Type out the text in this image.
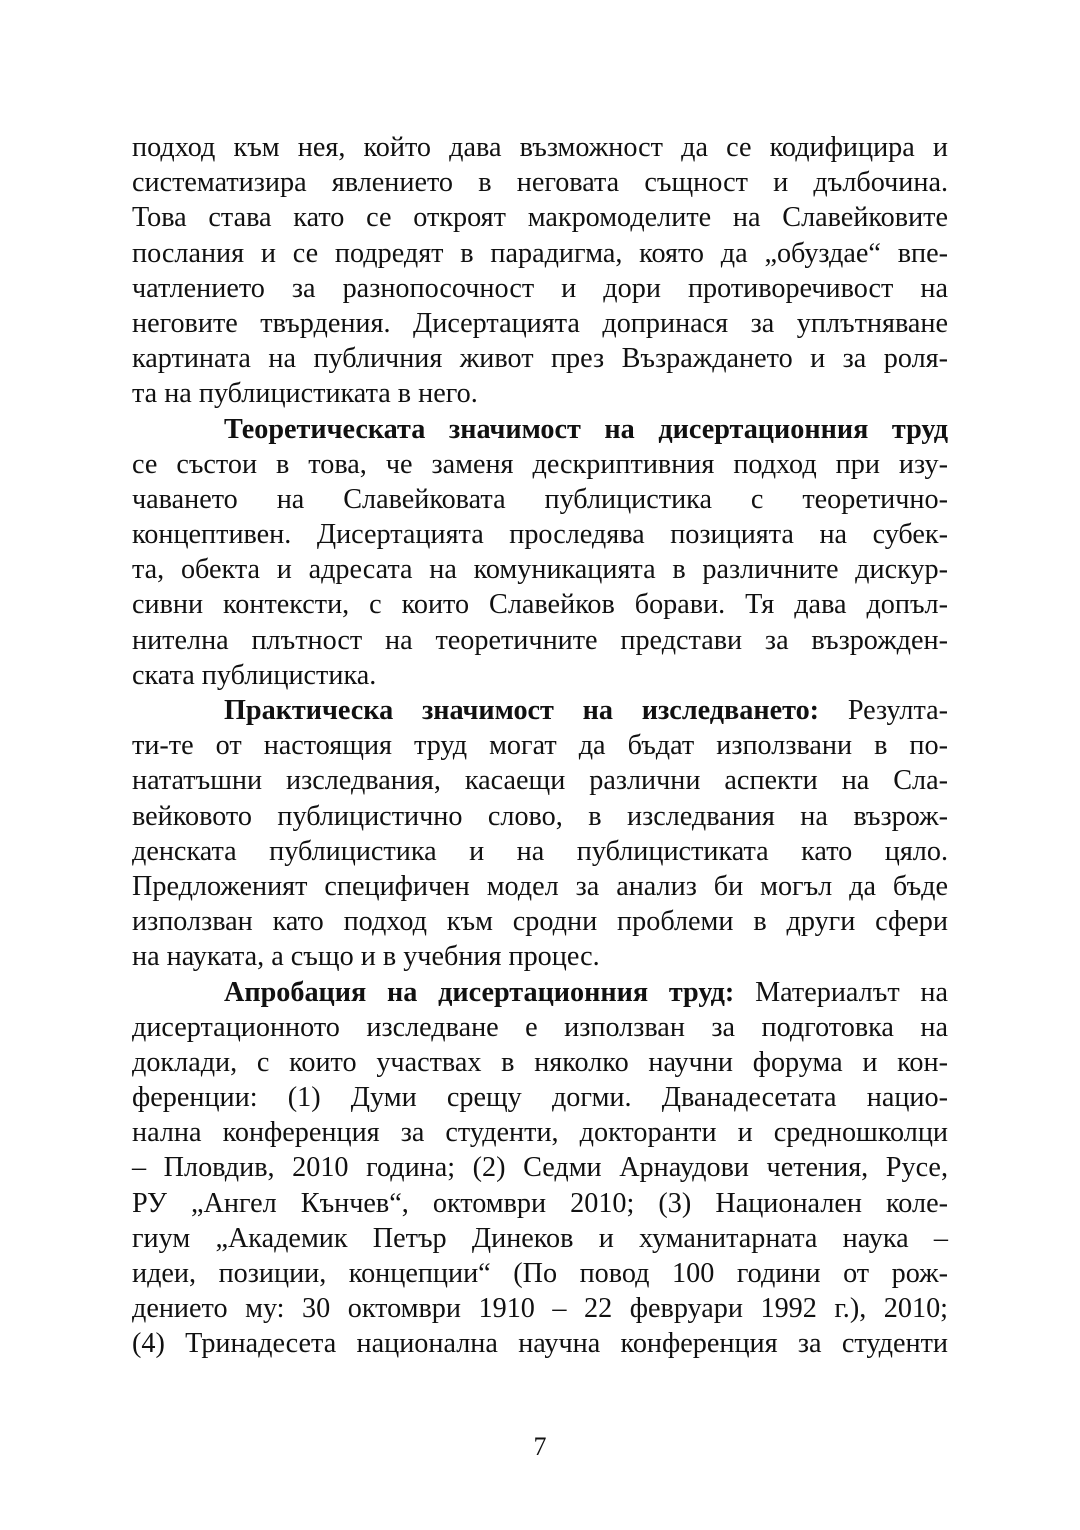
подход към нея, който дава възможност да се кодифицира и
систематизира явлението в неговата същност и дълбочина.
Това става като се откроят макромоделите на Славейковите
послания и се подредят в парадигма, която да „обуздае“ впе-
чатлението за разнопосочност и дори противоречивост на
неговите твърдения. Дисертацията допринася за уплътняване
картината на публичния живот през Възраждането и за роля-
та на публицистиката в него.
Теоретическата значимост на дисертационния труд
се състои в това, че заменя дескриптивния подход при изу-
чаването на Славейковата публицистика с теоретично-
концептивен. Дисертацията проследява позицията на субек-
та, обекта и адресата на комуникацията в различните дискур-
сивни контексти, с които Славейков борави. Тя дава допъл-
нителна плътност на теоретичните представи за възрожден-
ската публицистика.
Практическа значимост на изследването: Резулта-
ти-те от настоящия труд могат да бъдат използвани в по-
нататъшни изследвания, касаещи различни аспекти на Сла-
вейковото публицистично слово, в изследвания на възрож-
денската публицистика и на публицистиката като цяло.
Предложеният специфичен модел за анализ би могъл да бъде
използван като подход към сродни проблеми в други сфери
на науката, а също и в учебния процес.
Апробация на дисертационния труд: Материалът на
дисертационното изследване е използван за подготовка на
доклади, с които участвах в няколко научни форума и кон-
ференции: (1) Думи срещу догми. Дванадесетата нацио-
нална конференция за студенти, докторанти и средношколци
– Пловдив, 2010 година; (2) Седми Арнаудови четения, Русе,
РУ „Ангел Кънчев“, октомври 2010; (3) Национален коле-
гиум „Академик Петър Динеков и хуманитарната наука –
идеи, позиции, концепции“ (По повод 100 години от рож-
дението му: 30 октомври 1910 – 22 февруари 1992 г.), 2010;
(4) Тринадесета национална научна конференция за студенти
7
